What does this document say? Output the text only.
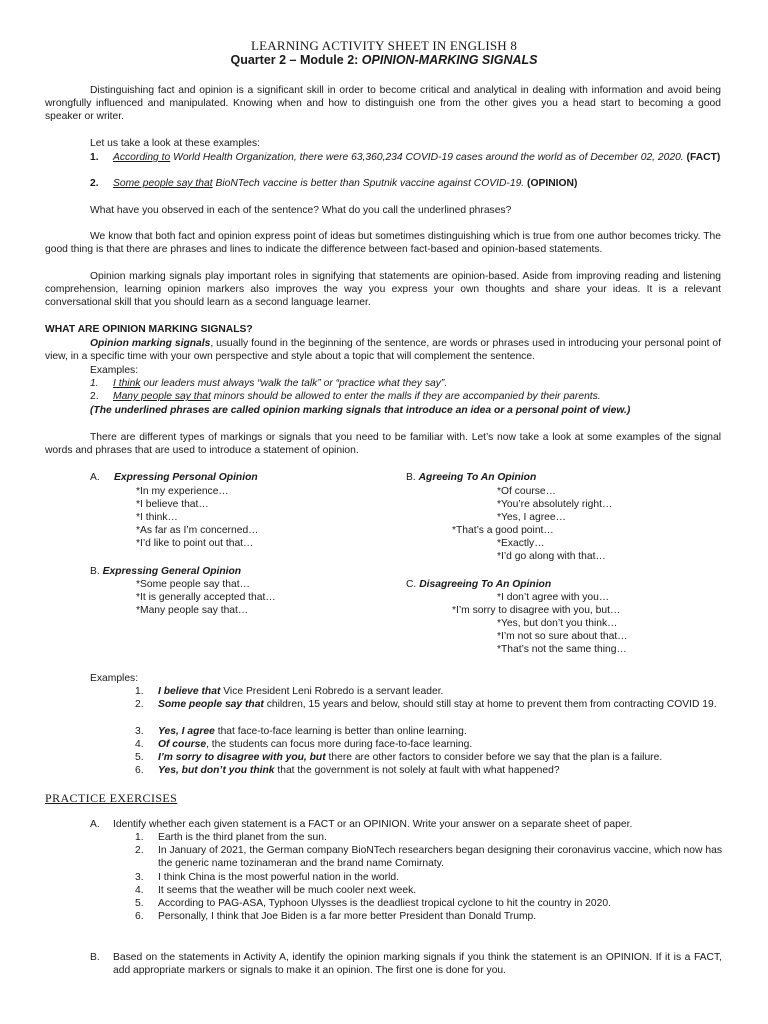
LEARNING ACTIVITY SHEET IN ENGLISH 8
Quarter 2 – Module 2: OPINION-MARKING SIGNALS
Distinguishing fact and opinion is a significant skill in order to become critical and analytical in dealing with information and avoid being wrongfully influenced and manipulated. Knowing when and how to distinguish one from the other gives you a head start to becoming a good speaker or writer.
Let us take a look at these examples:
1. According to World Health Organization, there were 63,360,234 COVID-19 cases around the world as of December 02, 2020. (FACT)
2. Some people say that BioNTech vaccine is better than Sputnik vaccine against COVID-19. (OPINION)
What have you observed in each of the sentence? What do you call the underlined phrases?
We know that both fact and opinion express point of ideas but sometimes distinguishing which is true from one author becomes tricky. The good thing is that there are phrases and lines to indicate the difference between fact-based and opinion-based statements.
Opinion marking signals play important roles in signifying that statements are opinion-based. Aside from improving reading and listening comprehension, learning opinion markers also improves the way you express your own thoughts and share your ideas. It is a relevant conversational skill that you should learn as a second language learner.
WHAT ARE OPINION MARKING SIGNALS?
Opinion marking signals, usually found in the beginning of the sentence, are words or phrases used in introducing your personal point of view, in a specific time with your own perspective and style about a topic that will complement the sentence.
Examples:
1. I think our leaders must always “walk the talk” or “practice what they say”.
2. Many people say that minors should be allowed to enter the malls if they are accompanied by their parents.
(The underlined phrases are called opinion marking signals that introduce an idea or a personal point of view.)
There are different types of markings or signals that you need to be familiar with. Let’s now take a look at some examples of the signal words and phrases that are used to introduce a statement of opinion.
A. Expressing Personal Opinion
*In my experience…
*I believe that…
*I think…
*As far as I’m concerned…
*I’d like to point out that…
B. Expressing General Opinion
*Some people say that…
*It is generally accepted that…
*Many people say that…
B. Agreeing To An Opinion
*Of course…
*You’re absolutely right…
*Yes, I agree…
*That’s a good point…
*Exactly…
*I’d go along with that…
C. Disagreeing To An Opinion
*I don’t agree with you…
*I’m sorry to disagree with you, but…
*Yes, but don’t you think…
*I’m not so sure about that…
*That’s not the same thing…
Examples:
1. I believe that Vice President Leni Robredo is a servant leader.
2. Some people say that children, 15 years and below, should still stay at home to prevent them from contracting COVID 19.
3. Yes, I agree that face-to-face learning is better than online learning.
4. Of course, the students can focus more during face-to-face learning.
5. I’m sorry to disagree with you, but there are other factors to consider before we say that the plan is a failure.
6. Yes, but don’t you think that the government is not solely at fault with what happened?
PRACTICE EXERCISES
A. Identify whether each given statement is a FACT or an OPINION. Write your answer on a separate sheet of paper.
1. Earth is the third planet from the sun.
2. In January of 2021, the German company BioNTech researchers began designing their coronavirus vaccine, which now has the generic name tozinameran and the brand name Comirnaty.
3. I think China is the most powerful nation in the world.
4. It seems that the weather will be much cooler next week.
5. According to PAG-ASA, Typhoon Ulysses is the deadliest tropical cyclone to hit the country in 2020.
6. Personally, I think that Joe Biden is a far more better President than Donald Trump.
B. Based on the statements in Activity A, identify the opinion marking signals if you think the statement is an OPINION. If it is a FACT, add appropriate markers or signals to make it an opinion. The first one is done for you.
